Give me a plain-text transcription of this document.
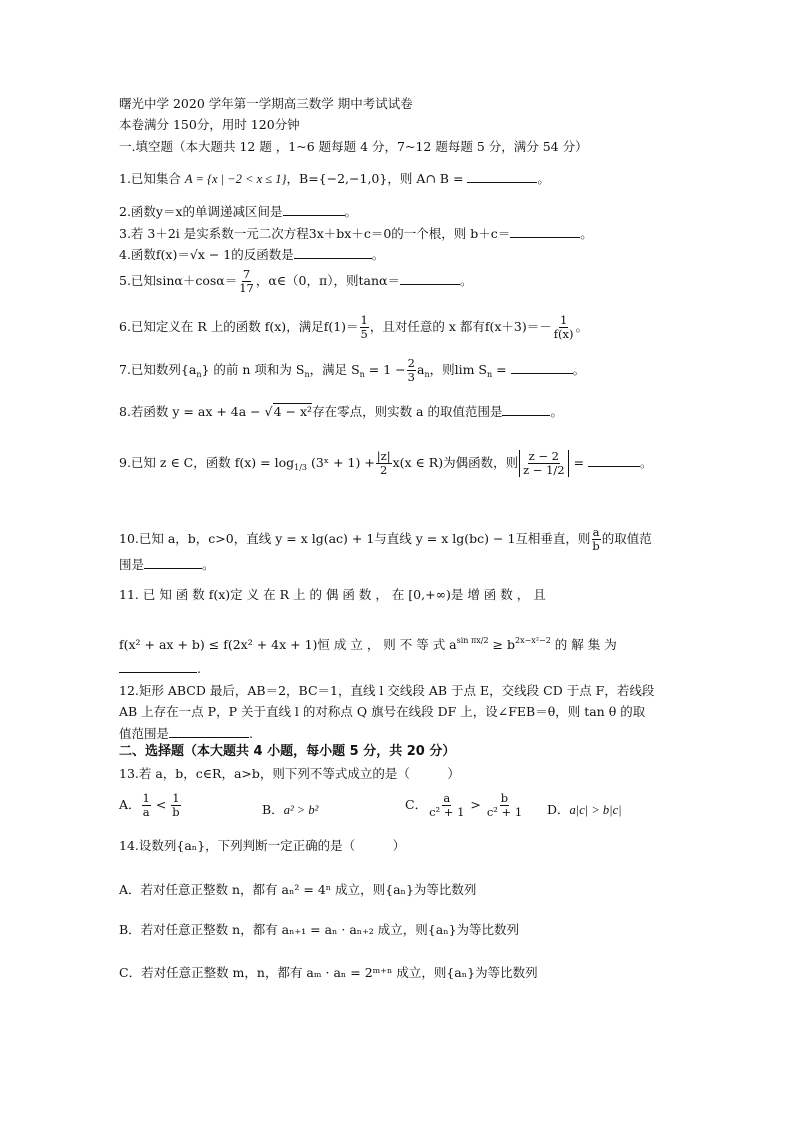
曙光中学 2020 学年第一学期高三数学 期中考试试卷
本卷满分 150分，用时 120分钟
一.填空题（本大题共 12 题 ，1~6 题每题 4 分，7~12 题每题 5 分，满分 54 分）
1.已知集合 A = {x | −2 < x ≤ 1}，B={−2,−1,0}，则 A∩ B =	。
2.函数y＝x的单调递减区间是	。
3.若 3＋2i 是实系数一元二次方程3x＋bx＋c＝0的一个根，则 b＋c＝	。
4.函数f(x)＝√x − 1的反函数是	。
5.已知$\sin\alpha+\cos\alpha= \frac{7}{17}$ ，α∈（0，π），则tanα＝	。
6.已知定义在 R 上的函数 f(x)，满足$f(1)= \frac{1}{5}$ ，且对任意的 x 都有$f(x+3)=- \frac{1}{f(x)}$ 。
7.已知数列$\{a_n\}$ 的前 n 项和为 $S_n$，满足 $S_n = 1 - \frac{2}{3} a_n$，则$\lim S_n$ =	。
8.若函数 y = ax + 4a − √4 − x²存在零点，则实数 a 的取值范围是	。
9.已知 z ∈ C，函数 $f(x) = \log_{1/3}$ (3ˣ + $1) + \frac{|z|}{2} x(x$ ∈ R)为偶函数，则 $\frac{z - 2}{z - 1/2}$ =	。
10.已知 a，b，c>0，直线 y = x lg(ac) + 1与直线 y = x lg(bc) − 1互相垂直，则 $\frac{a}{b}$ 的取值范
围是	。
11. 已 知 函 数 f(x)定 义 在 R 上 的 偶 函 数 ， 在 [0,+∞)是 增 函 数 ， 且
f(x² + ax + b) ≤ f(2x² + 4x + 1)恒 成 立 ， 则 不 等 式 $a^{sin \pi x/2} \ge b^{2x-x^2-2}$ 的 解 集 为
.
12.矩形 ABCD 最后，AB＝2，BC＝1，直线 l 交线段 AB 于点 E，交线段 CD 于点 F，若线段
AB 上存在一点 P，P 关于直线 l 的对称点 Q 旗号在线段 DF 上，设∠FEB＝θ，则 tan θ 的取
值范围是	.
二、选择题（本大题共 4 小题，每小题 5 分，共 20 分）
13.若 a，b，c∈R，a>b，则下列不等式成立的是（　　　）
A． $\frac{1}{a} < \frac{1}{b}$	B．a² > b²	C． $\frac{a}{\text{c² + 1}} > \frac{b}{\text{c² + 1}}$ D．a|c| > b|c|
14.设数列{aₙ}，下列判断一定正确的是（　　　）
A．若对任意正整数 n，都有 aₙ² = 4ⁿ 成立，则{aₙ}为等比数列
B．若对任意正整数 n，都有 aₙ₊₁ = aₙ · aₙ₊₂ 成立，则{aₙ}为等比数列
C．若对任意正整数 m，n，都有 aₘ · aₙ = 2ᵐ⁺ⁿ 成立，则{aₙ}为等比数列
